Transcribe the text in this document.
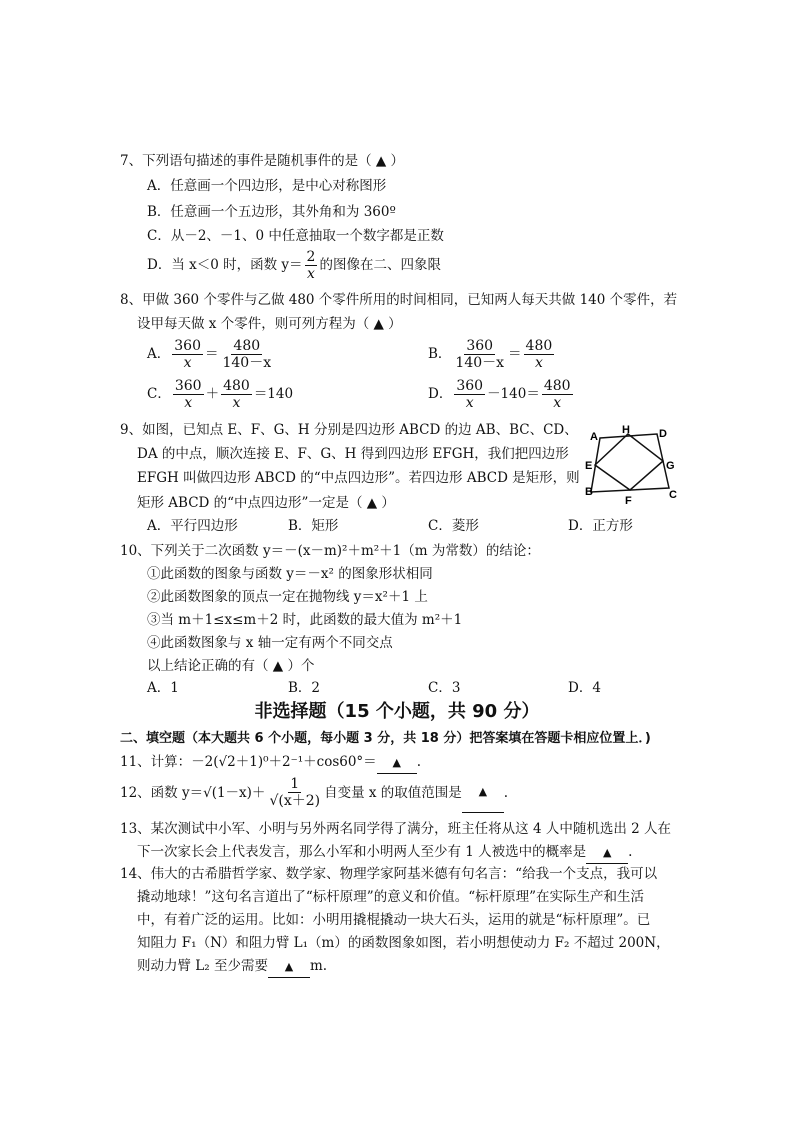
7、下列语句描述的事件是随机事件的是（ ▲ ）
A．任意画一个四边形，是中心对称图形
B．任意画一个五边形，其外角和为 360º
C．从－2、－1、0 中任意抽取一个数字都是正数
D．当 x＜0 时，函数 $y= \frac{2}{x}$ 的图像在二、四象限
8、甲做 360 个零件与乙做 480 个零件所用的时间相同，已知两人每天共做 140 个零件，若
设甲每天做 x 个零件，则可列方程为（ ▲ ）
A． $\frac{360}{x} = \frac{480}{140-x}$	B． $\frac{360}{140-x} = \frac{480}{x}$
C． $\frac{360}{x} + \frac{480}{x} =140$	D． $\frac{360}{x} -140= \frac{480}{x}$
9、如图，已知点 E、F、G、H 分别是四边形 ABCD 的边 AB、BC、CD、
DA 的中点，顺次连接 E、F、G、H 得到四边形 EFGH，我们把四边形
EFGH 叫做四边形 ABCD 的“中点四边形”。若四边形 ABCD 是矩形，则
矩形 ABCD 的“中点四边形”一定是（ ▲ ）
A．平行四边形	B．矩形	C．菱形	D．正方形
A
H	D
E	G
B
F	C
10、下列关于二次函数 y＝－(x－m)²＋m²＋1（m 为常数）的结论：
①此函数的图象与函数 y＝－x² 的图象形状相同
②此函数图象的顶点一定在抛物线 y＝x²＋1 上
③当 m＋1≤x≤m＋2 时，此函数的最大值为 m²＋1
④此函数图象与 x 轴一定有两个不同交点
以上结论正确的有（ ▲ ）个
A．1	B．2	C．3	D．4
非选择题（15 个小题，共 90 分）
二、填空题（本大题共 6 个小题，每小题 3 分，共 18 分）把答案填在答题卡相应位置上．)
11、计算：－2(√2＋1)⁰＋2⁻¹＋cos60°＝ ▲ .
12、函数 $y=√(1-x)+ \frac{1}{√(x+2)}$ 自变量 x 的取值范围是	▲	.
13、某次测试中小军、小明与另外两名同学得了满分，班主任将从这 4 人中随机选出 2 人在
下一次家长会上代表发言，那么小军和小明两人至少有 1 人被选中的概率是 ▲ .
14、伟大的古希腊哲学家、数学家、物理学家阿基米德有句名言：“给我一个支点，我可以
撬动地球！”这句名言道出了“标杆原理”的意义和价值。“标杆原理”在实际生产和生活
中，有着广泛的运用。比如：小明用撬棍撬动一块大石头，运用的就是“标杆原理”。已
知阻力 F₁（N）和阻力臂 L₁（m）的函数图象如图，若小明想使动力 F₂ 不超过 200N，
则动力臂 L₂ 至少需要 ▲ m.
